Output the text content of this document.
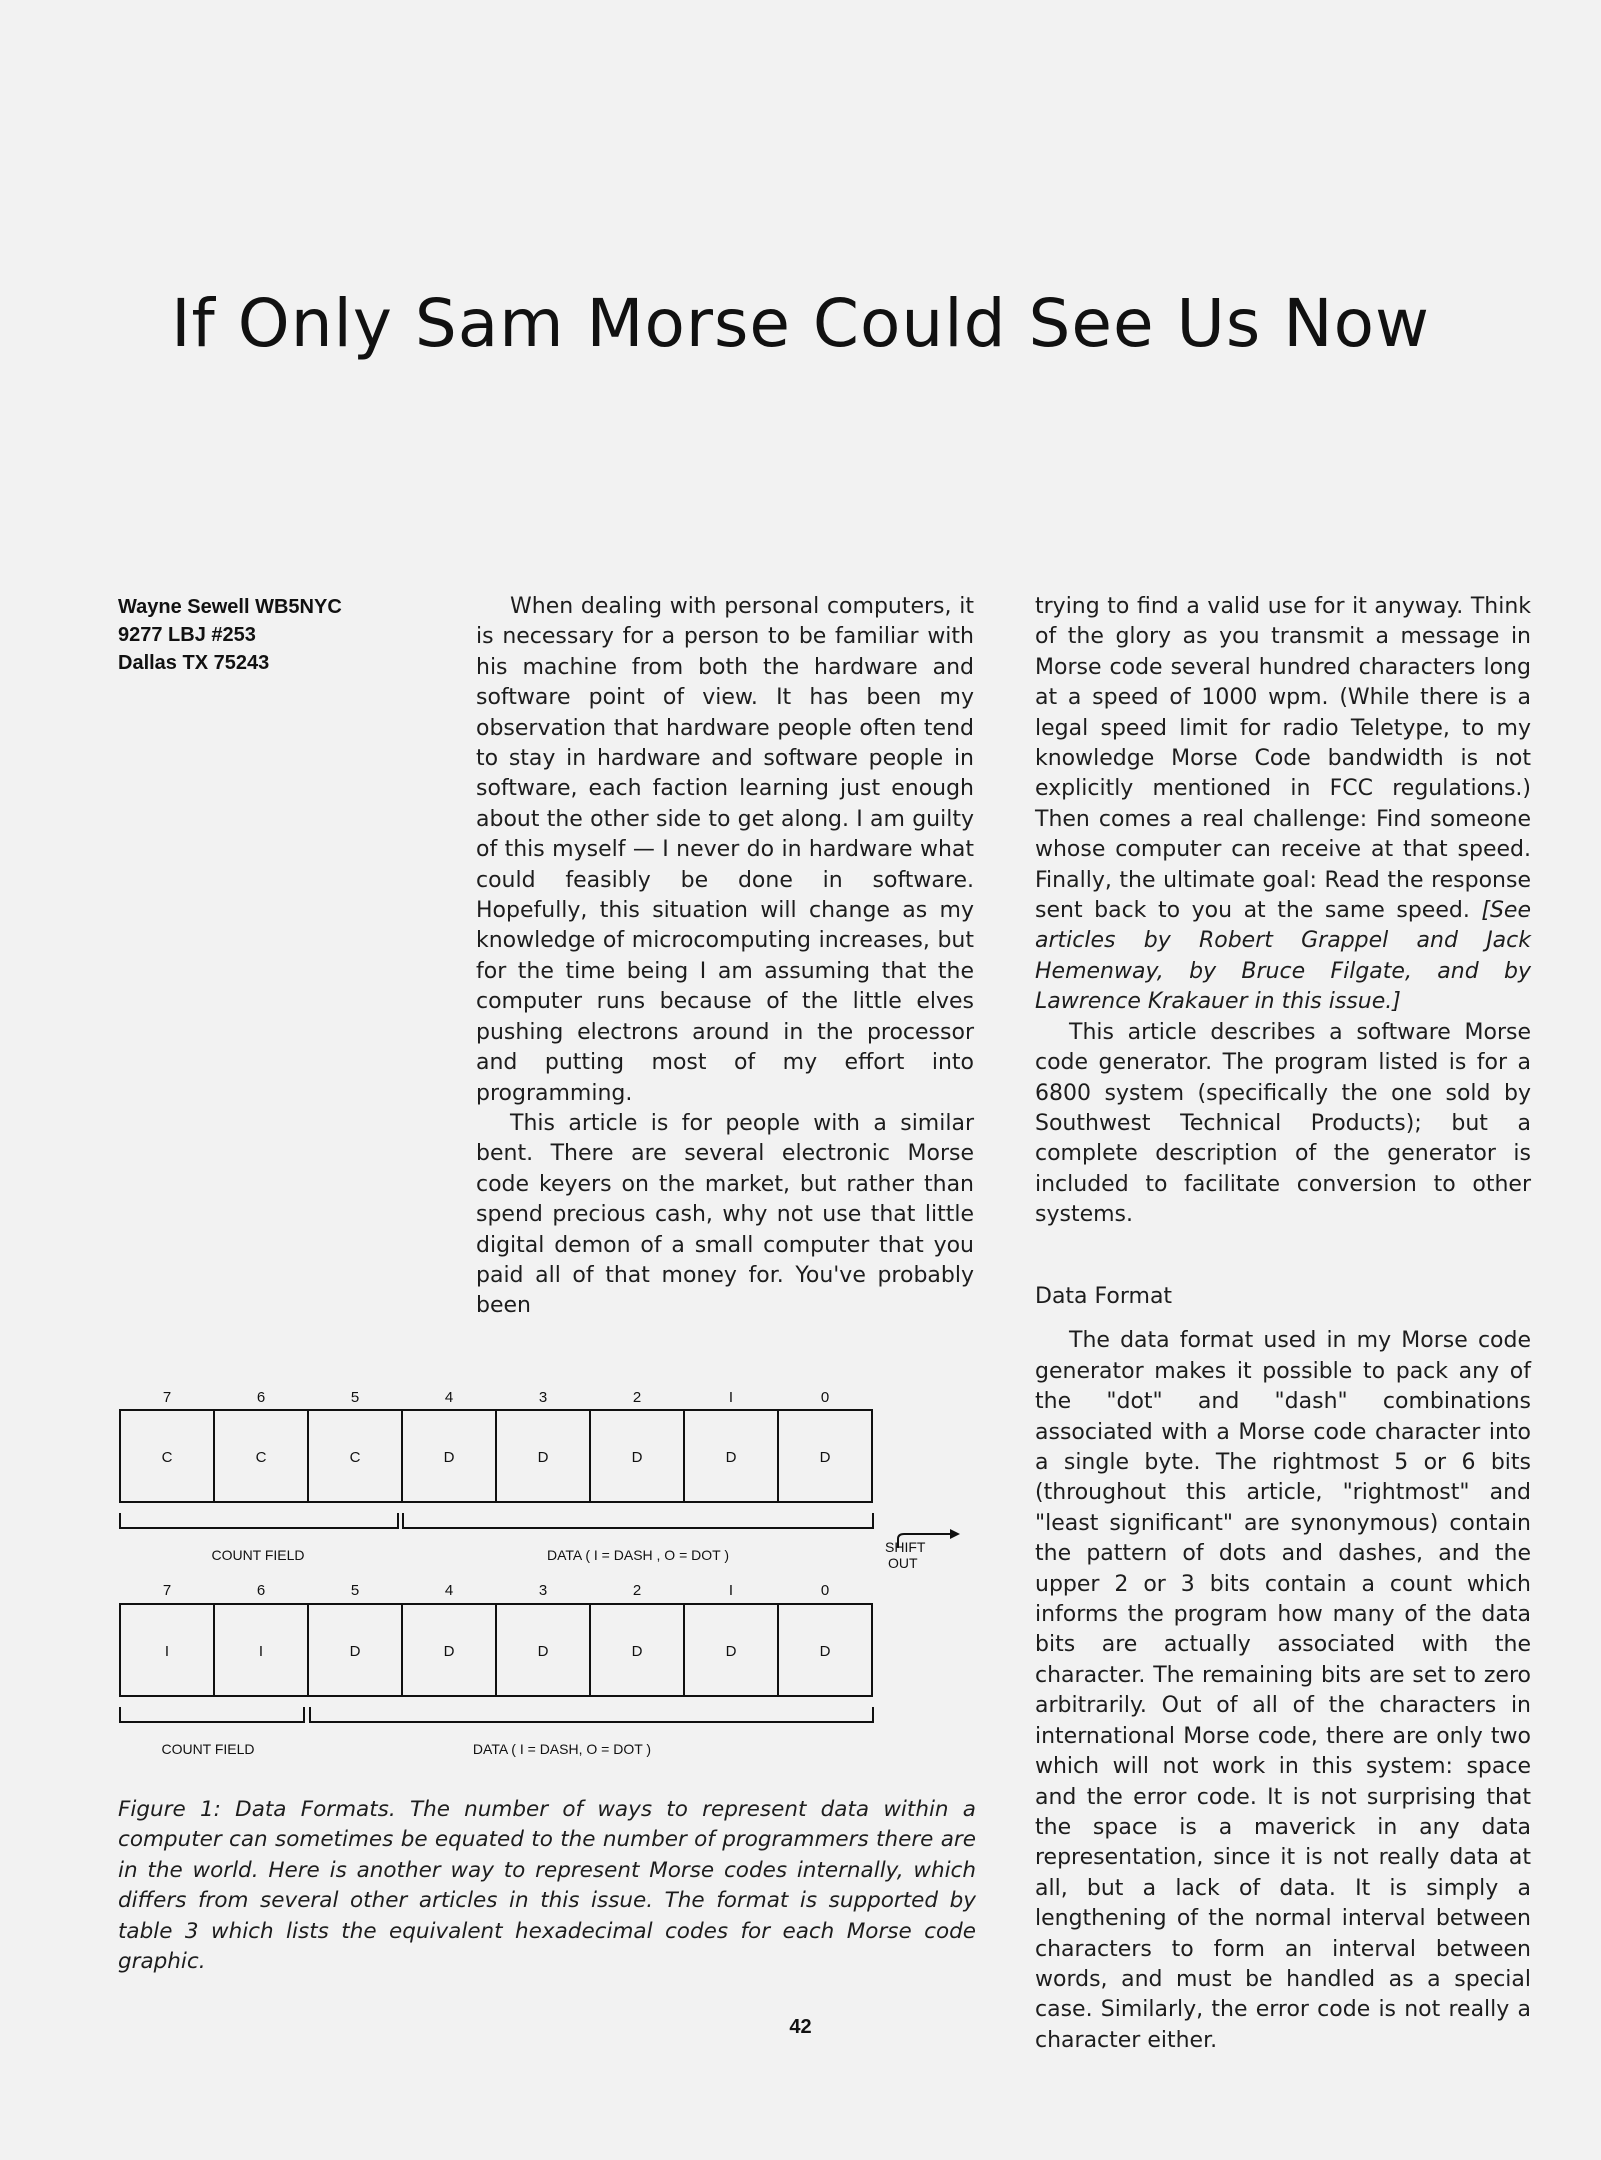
If Only Sam Morse Could See Us Now
Wayne Sewell WB5NYC
9277 LBJ #253
Dallas TX 75243

When dealing with personal computers, it is necessary for a person to be familiar with his machine from both the hardware and software point of view. It has been my observation that hardware people often tend to stay in hardware and software people in software, each faction learning just enough about the other side to get along. I am guilty of this myself — I never do in hardware what could feasibly be done in software. Hopefully, this situation will change as my knowledge of microcomputing increases, but for the time being I am assuming that the computer runs because of the little elves pushing electrons around in the processor and putting most of my effort into programming.

This article is for people with a similar bent. There are several electronic Morse code keyers on the market, but rather than spend precious cash, why not use that little digital demon of a small computer that you paid all of that money for. You've probably been

trying to find a valid use for it anyway. Think of the glory as you transmit a message in Morse code several hundred characters long at a speed of 1000 wpm. (While there is a legal speed limit for radio Teletype, to my knowledge Morse Code bandwidth is not explicitly mentioned in FCC regulations.) Then comes a real challenge: Find someone whose computer can receive at that speed. Finally, the ultimate goal: Read the response sent back to you at the same speed. [See articles by Robert Grappel and Jack Hemenway, by Bruce Filgate, and by Lawrence Krakauer in this issue.]

This article describes a software Morse code generator. The program listed is for a 6800 system (specifically the one sold by Southwest Technical Products); but a complete description of the generator is included to facilitate conversion to other systems.

Data Format

The data format used in my Morse code generator makes it possible to pack any of the "dot" and "dash" combinations associated with a Morse code character into a single byte. The rightmost 5 or 6 bits (throughout this article, "rightmost" and "least significant" are synonymous) contain the pattern of dots and dashes, and the upper 2 or 3 bits contain a count which informs the program how many of the data bits are actually associated with the character. The remaining bits are set to zero arbitrarily. Out of all of the characters in international Morse code, there are only two which will not work in this system: space and the error code. It is not surprising that the space is a maverick in any data representation, since it is not really data at all, but a lack of data. It is simply a lengthening of the normal interval between characters to form an interval between words, and must be handled as a special case. Similarly, the error code is not really a character either.

7	6	5	4	3	2	I	0
C	C	C	D	D	D	D	D
COUNT FIELD	DATA ( I = DASH , O = DOT )	SHIFT
OUT
7	6	5	4	3	2	I	0
I	I	D	D	D	D	D	D
COUNT FIELD	DATA ( I = DASH, O = DOT )
Figure 1: Data Formats. The number of ways to represent data within a computer can sometimes be equated to the number of programmers there are in the world. Here is another way to represent Morse codes internally, which differs from several other articles in this issue. The format is supported by table 3 which lists the equivalent hexadecimal codes for each Morse code graphic.
42
